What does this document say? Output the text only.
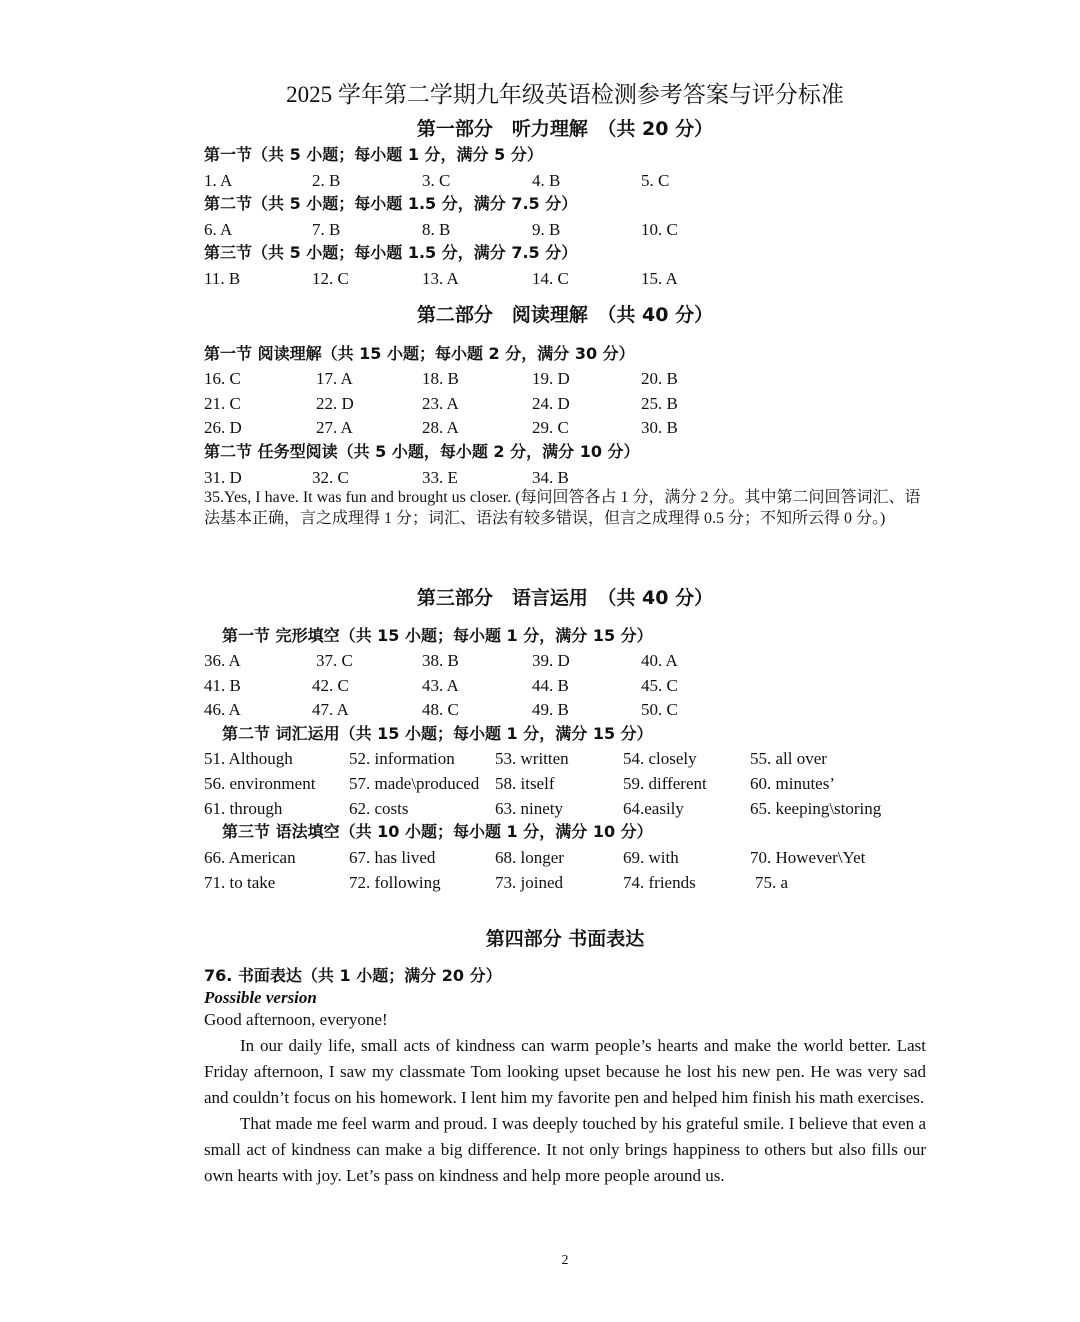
2025 学年第二学期九年级英语检测参考答案与评分标准
第一部分　听力理解　（共 20 分）
第一节（共 5 小题；每小题 1 分，满分 5 分）
1. A	2. B	3. C	4. B	5. C
第二节（共 5 小题；每小题 1.5 分，满分 7.5 分）
6. A	7. B	8. B	9. B	10. C
第三节（共 5 小题；每小题 1.5 分，满分 7.5 分）
11. B	12. C	13. A	14. C	15. A
第二部分　阅读理解　（共 40 分）
第一节 阅读理解（共 15 小题；每小题 2 分，满分 30 分）
16. C	17. A	18. B	19. D	20. B
21. C	22. D	23. A	24. D	25. B
26. D	27. A	28. A	29. C	30. B
第二节 任务型阅读（共 5 小题，每小题 2 分，满分 10 分）
31. D	32. C	33. E	34. B
35.Yes, I have. It was fun and brought us closer. (每问回答各占 1 分，满分 2 分。其中第二问回答词汇、语法基本正确，言之成理得 1 分；词汇、语法有较多错误，但言之成理得 0.5 分；不知所云得 0 分。)
第三部分　语言运用　（共 40 分）
第一节 完形填空（共 15 小题；每小题 1 分，满分 15 分）
36. A	37. C	38. B	39. D	40. A
41. B	42. C	43. A	44. B	45. C
46. A	47. A	48. C	49. B	50. C
第二节 词汇运用（共 15 小题；每小题 1 分，满分 15 分）
51. Although	52. information 53. written	54. closely	55. all over
56. environment 57. made\produced 58. itself	59. different	60. minutes’
61. through	62. costs	63. ninety	64.easily	65. keeping\storing
第三节 语法填空（共 10 小题；每小题 1 分，满分 10 分）
66. American	67. has lived	68. longer	69. with	70. However\Yet
71. to take	72. following	73. joined	74. friends	75. a
第四部分 书面表达
76. 书面表达（共 1 小题；满分 20 分）
Possible version

Good afternoon, everyone!

In our daily life, small acts of kindness can warm people’s hearts and make the world better. Last Friday afternoon, I saw my classmate Tom looking upset because he lost his new pen. He was very sad and couldn’t focus on his homework. I lent him my favorite pen and helped him finish his math exercises.

That made me feel warm and proud. I was deeply touched by his grateful smile. I believe that even a small act of kindness can make a big difference. It not only brings happiness to others but also fills our own hearts with joy. Let’s pass on kindness and help more people around us.

2
